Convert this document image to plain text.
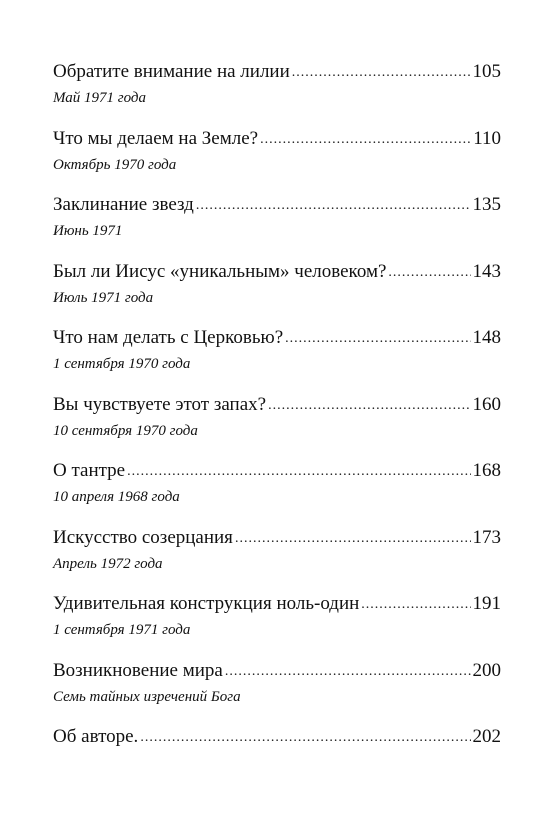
Обратите внимание на лилии .....	105
Май 1971 года
Что мы делаем на Земле? .....	110
Октябрь 1970 года
Заклинание звезд .....	135
Июнь 1971
Был ли Иисус «уникальным» человеком? .....	143
Июль 1971 года
Что нам делать с Церковью? .....	148
1 сентября 1970 года
Вы чувствуете этот запах? .....	160
10 сентября 1970 года
О тантре .....	168
10 апреля 1968 года
Искусство созерцания .....	173
Апрель 1972 года
Удивительная конструкция ноль-один .....	191
1 сентября 1971 года
Возникновение мира .....	200
Семь тайных изречений Бога
Об авторе. .....	202
